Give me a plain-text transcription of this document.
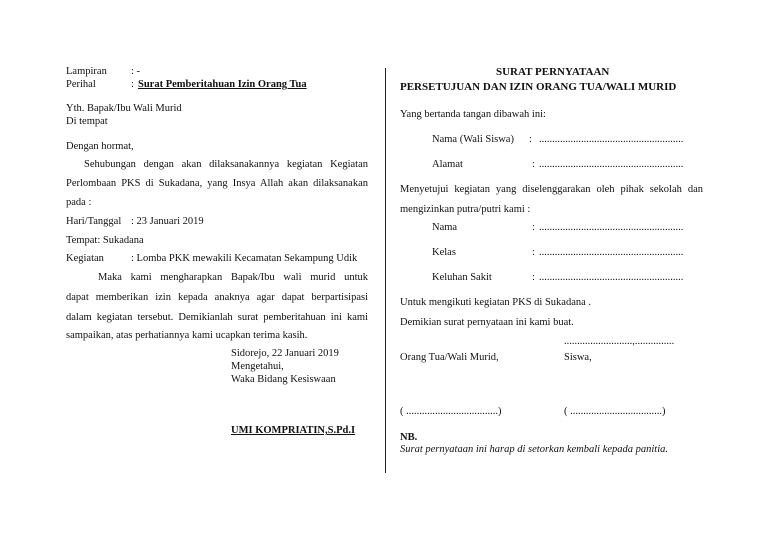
Lampiran : -
Perihal	: Surat Pemberitahuan Izin Orang Tua
Yth. Bapak/Ibu Wali Murid
Di tempat
Dengan hormat,
Sehubungan dengan akan dilaksanakannya kegiatan Kegiatan
Perlombaan PKS di Sukadana, yang Insya Allah akan dilaksanakan
pada :
Hari/Tanggal : 23 Januari 2019
Tempat: Sukadana
Kegiatan	: Lomba PKK mewakili Kecamatan Sekampung Udik
Maka kami mengharapkan Bapak/Ibu wali murid untuk
dapat memberikan izin kepada anaknya agar dapat berpartisipasi
dalam kegiatan tersebut. Demikianlah surat pemberitahuan ini kami
sampaikan, atas perhatiannya kami ucapkan terima kasih.
Sidorejo, 22 Januari 2019
Mengetahui,
Waka Bidang Kesiswaan
UMI KOMPRIATIN,S.Pd.I
SURAT PERNYATAAN
PERSETUJUAN DAN IZIN ORANG TUA/WALI MURID
Yang bertanda tangan dibawah ini:
Nama (Wali Siswa) : .......................................................
Alamat	: .......................................................
Menyetujui kegiatan yang diselenggarakan oleh pihak sekolah dan
mengizinkan putra/putri kami :
Nama	: .......................................................
Kelas	: .......................................................
Keluhan Sakit	: .......................................................
Untuk mengikuti kegiatan PKS di Sukadana .
Demikian surat pernyataan ini kami buat.
..........................,...............
Orang Tua/Wali Murid,	Siswa,
( ...................................)	( ...................................)
NB.
Surat pernyataan ini harap di setorkan kembali kepada panitia.
